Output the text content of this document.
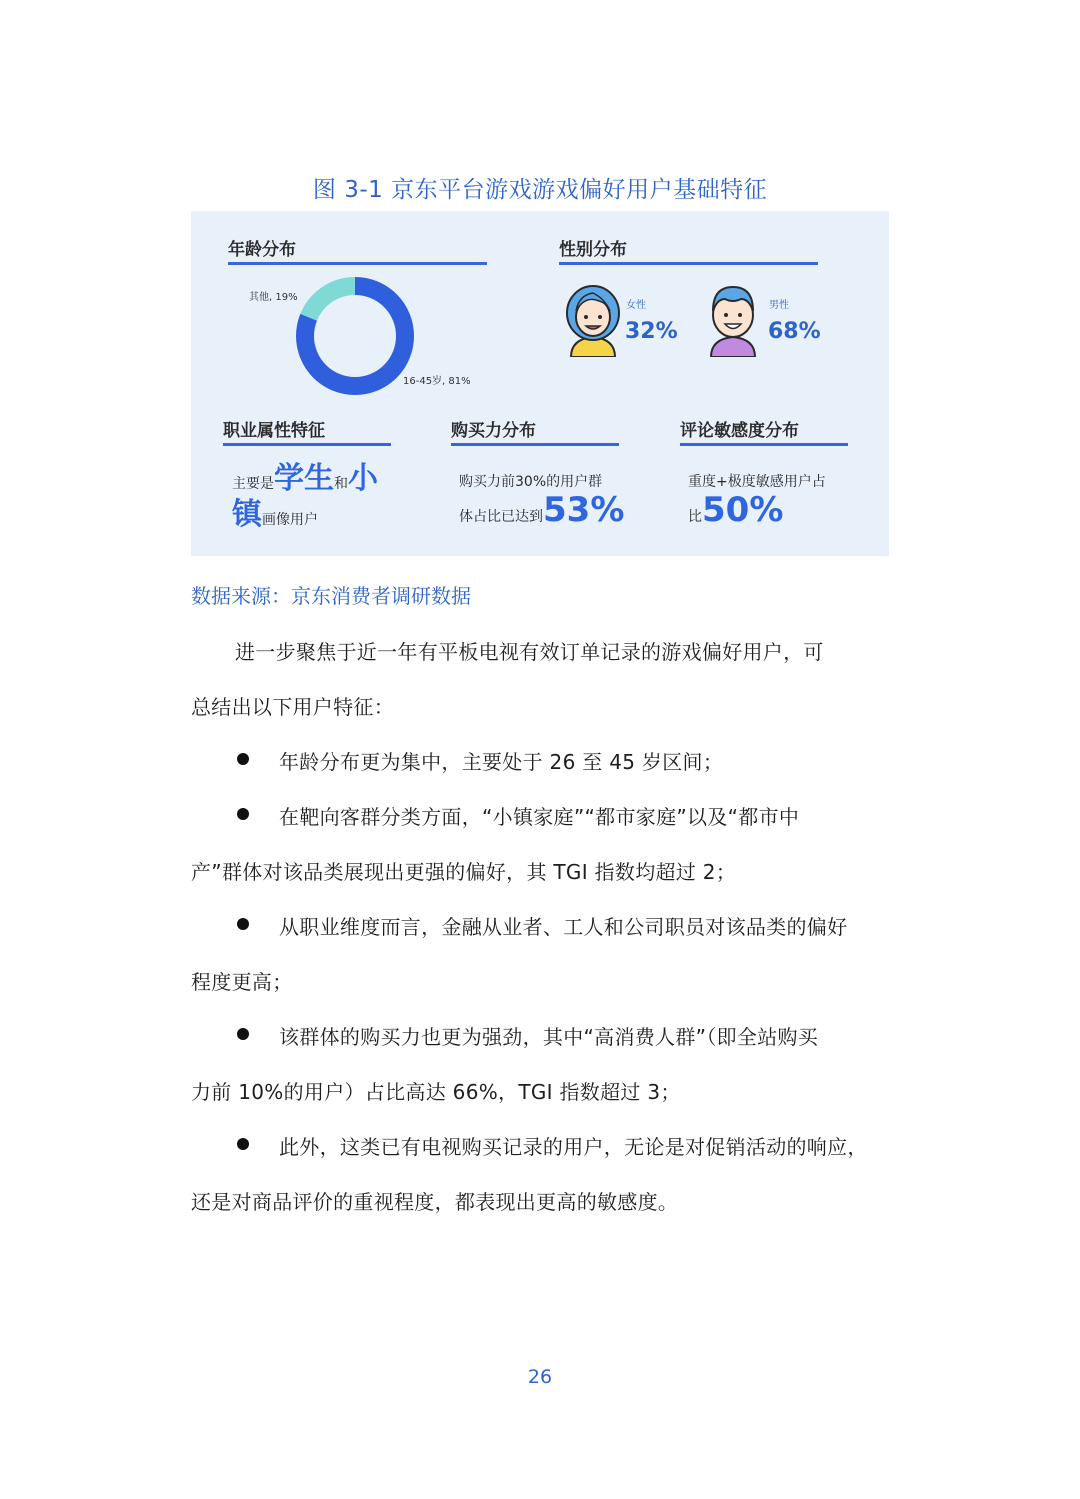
图 3-1 京东平台游戏游戏偏好用户基础特征
年龄分布
其他, 19%
16-45岁, 81%
性别分布
女性
32%
男性
68%
职业属性特征
主要是学生和小
镇画像用户
购买力分布
购买力前30%的用户群
体占比已达到53%
评论敏感度分布
重度+极度敏感用户占
比50%
数据来源：京东消费者调研数据
进一步聚焦于近一年有平板电视有效订单记录的游戏偏好用户，可
总结出以下用户特征：
年龄分布更为集中，主要处于 26 至 45 岁区间；
在靶向客群分类方面，“小镇家庭”“都市家庭”以及“都市中
产”群体对该品类展现出更强的偏好，其 TGI 指数均超过 2；
从职业维度而言，金融从业者、工人和公司职员对该品类的偏好
程度更高；
该群体的购买力也更为强劲，其中“高消费人群”（即全站购买
力前 10%的用户）占比高达 66%，TGI 指数超过 3；
此外，这类已有电视购买记录的用户，无论是对促销活动的响应，
还是对商品评价的重视程度，都表现出更高的敏感度。
26
